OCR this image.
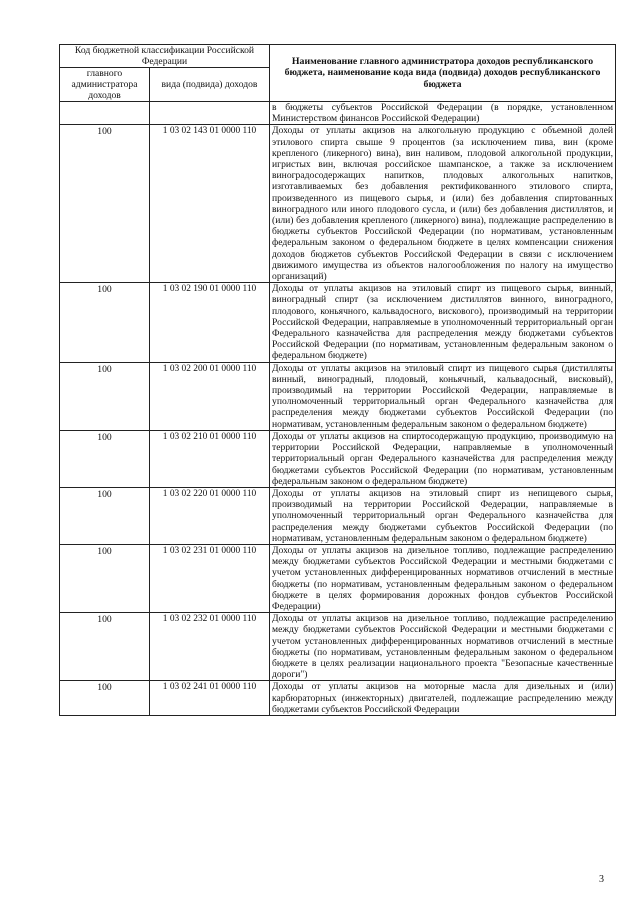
Код бюджетной классификации Российской Федерации		Наименование главного администратора доходов республиканского бюджета, наименование кода вида (подвида) доходов республиканского бюджета
главного администратора доходов	вида (подвида) доходов	
		в бюджеты субъектов Российской Федерации (в порядке, установленном Министерством финансов Российской Федерации)
100	1 03 02 143 01 0000 110	Доходы от уплаты акцизов на алкогольную продукцию с объемной долей этилового спирта свыше 9 процентов (за исключением пива, вин (кроме крепленого (ликерного) вина), вин наливом, плодовой алкогольной продукции, игристых вин, включая российское шампанское, а также за исключением виноградосодержащих напитков, плодовых алкогольных напитков, изготавливаемых без добавления ректификованного этилового спирта, произведенного из пищевого сырья, и (или) без добавления спиртованных виноградного или иного плодового сусла, и (или) без добавления дистиллятов, и (или) без добавления крепленого (ликерного) вина), подлежащие распределению в бюджеты субъектов Российской Федерации (по нормативам, установленным федеральным законом о федеральном бюджете в целях компенсации снижения доходов бюджетов субъектов Российской Федерации в связи с исключением движимого имущества из объектов налогообложения по налогу на имущество организаций)
100	1 03 02 190 01 0000 110	Доходы от уплаты акцизов на этиловый спирт из пищевого сырья, винный, виноградный спирт (за исключением дистиллятов винного, виноградного, плодового, коньячного, кальвадосного, вискового), производимый на территории Российской Федерации, направляемые в уполномоченный территориальный орган Федерального казначейства для распределения между бюджетами субъектов Российской Федерации (по нормативам, установленным федеральным законом о федеральном бюджете)
100	1 03 02 200 01 0000 110	Доходы от уплаты акцизов на этиловый спирт из пищевого сырья (дистилляты винный, виноградный, плодовый, коньячный, кальвадосный, висковый), производимый на территории Российской Федерации, направляемые в уполномоченный территориальный орган Федерального казначейства для распределения между бюджетами субъектов Российской Федерации (по нормативам, установленным федеральным законом о федеральном бюджете)
100	1 03 02 210 01 0000 110	Доходы от уплаты акцизов на спиртосодержащую продукцию, производимую на территории Российской Федерации, направляемые в уполномоченный территориальный орган Федерального казначейства для распределения между бюджетами субъектов Российской Федерации (по нормативам, установленным федеральным законом о федеральном бюджете)
100	1 03 02 220 01 0000 110	Доходы от уплаты акцизов на этиловый спирт из непищевого сырья, производимый на территории Российской Федерации, направляемые в уполномоченный территориальный орган Федерального казначейства для распределения между бюджетами субъектов Российской Федерации (по нормативам, установленным федеральным законом о федеральном бюджете)
100	1 03 02 231 01 0000 110	Доходы от уплаты акцизов на дизельное топливо, подлежащие распределению между бюджетами субъектов Российской Федерации и местными бюджетами с учетом установленных дифференцированных нормативов отчислений в местные бюджеты (по нормативам, установленным федеральным законом о федеральном бюджете в целях формирования дорожных фондов субъектов Российской Федерации)
100	1 03 02 232 01 0000 110	Доходы от уплаты акцизов на дизельное топливо, подлежащие распределению между бюджетами субъектов Российской Федерации и местными бюджетами с учетом установленных дифференцированных нормативов отчислений в местные бюджеты (по нормативам, установленным федеральным законом о федеральном бюджете в целях реализации национального проекта "Безопасные качественные дороги")
100	1 03 02 241 01 0000 110	Доходы от уплаты акцизов на моторные масла для дизельных и (или) карбюраторных (инжекторных) двигателей, подлежащие распределению между бюджетами субъектов Российской Федерации
3
